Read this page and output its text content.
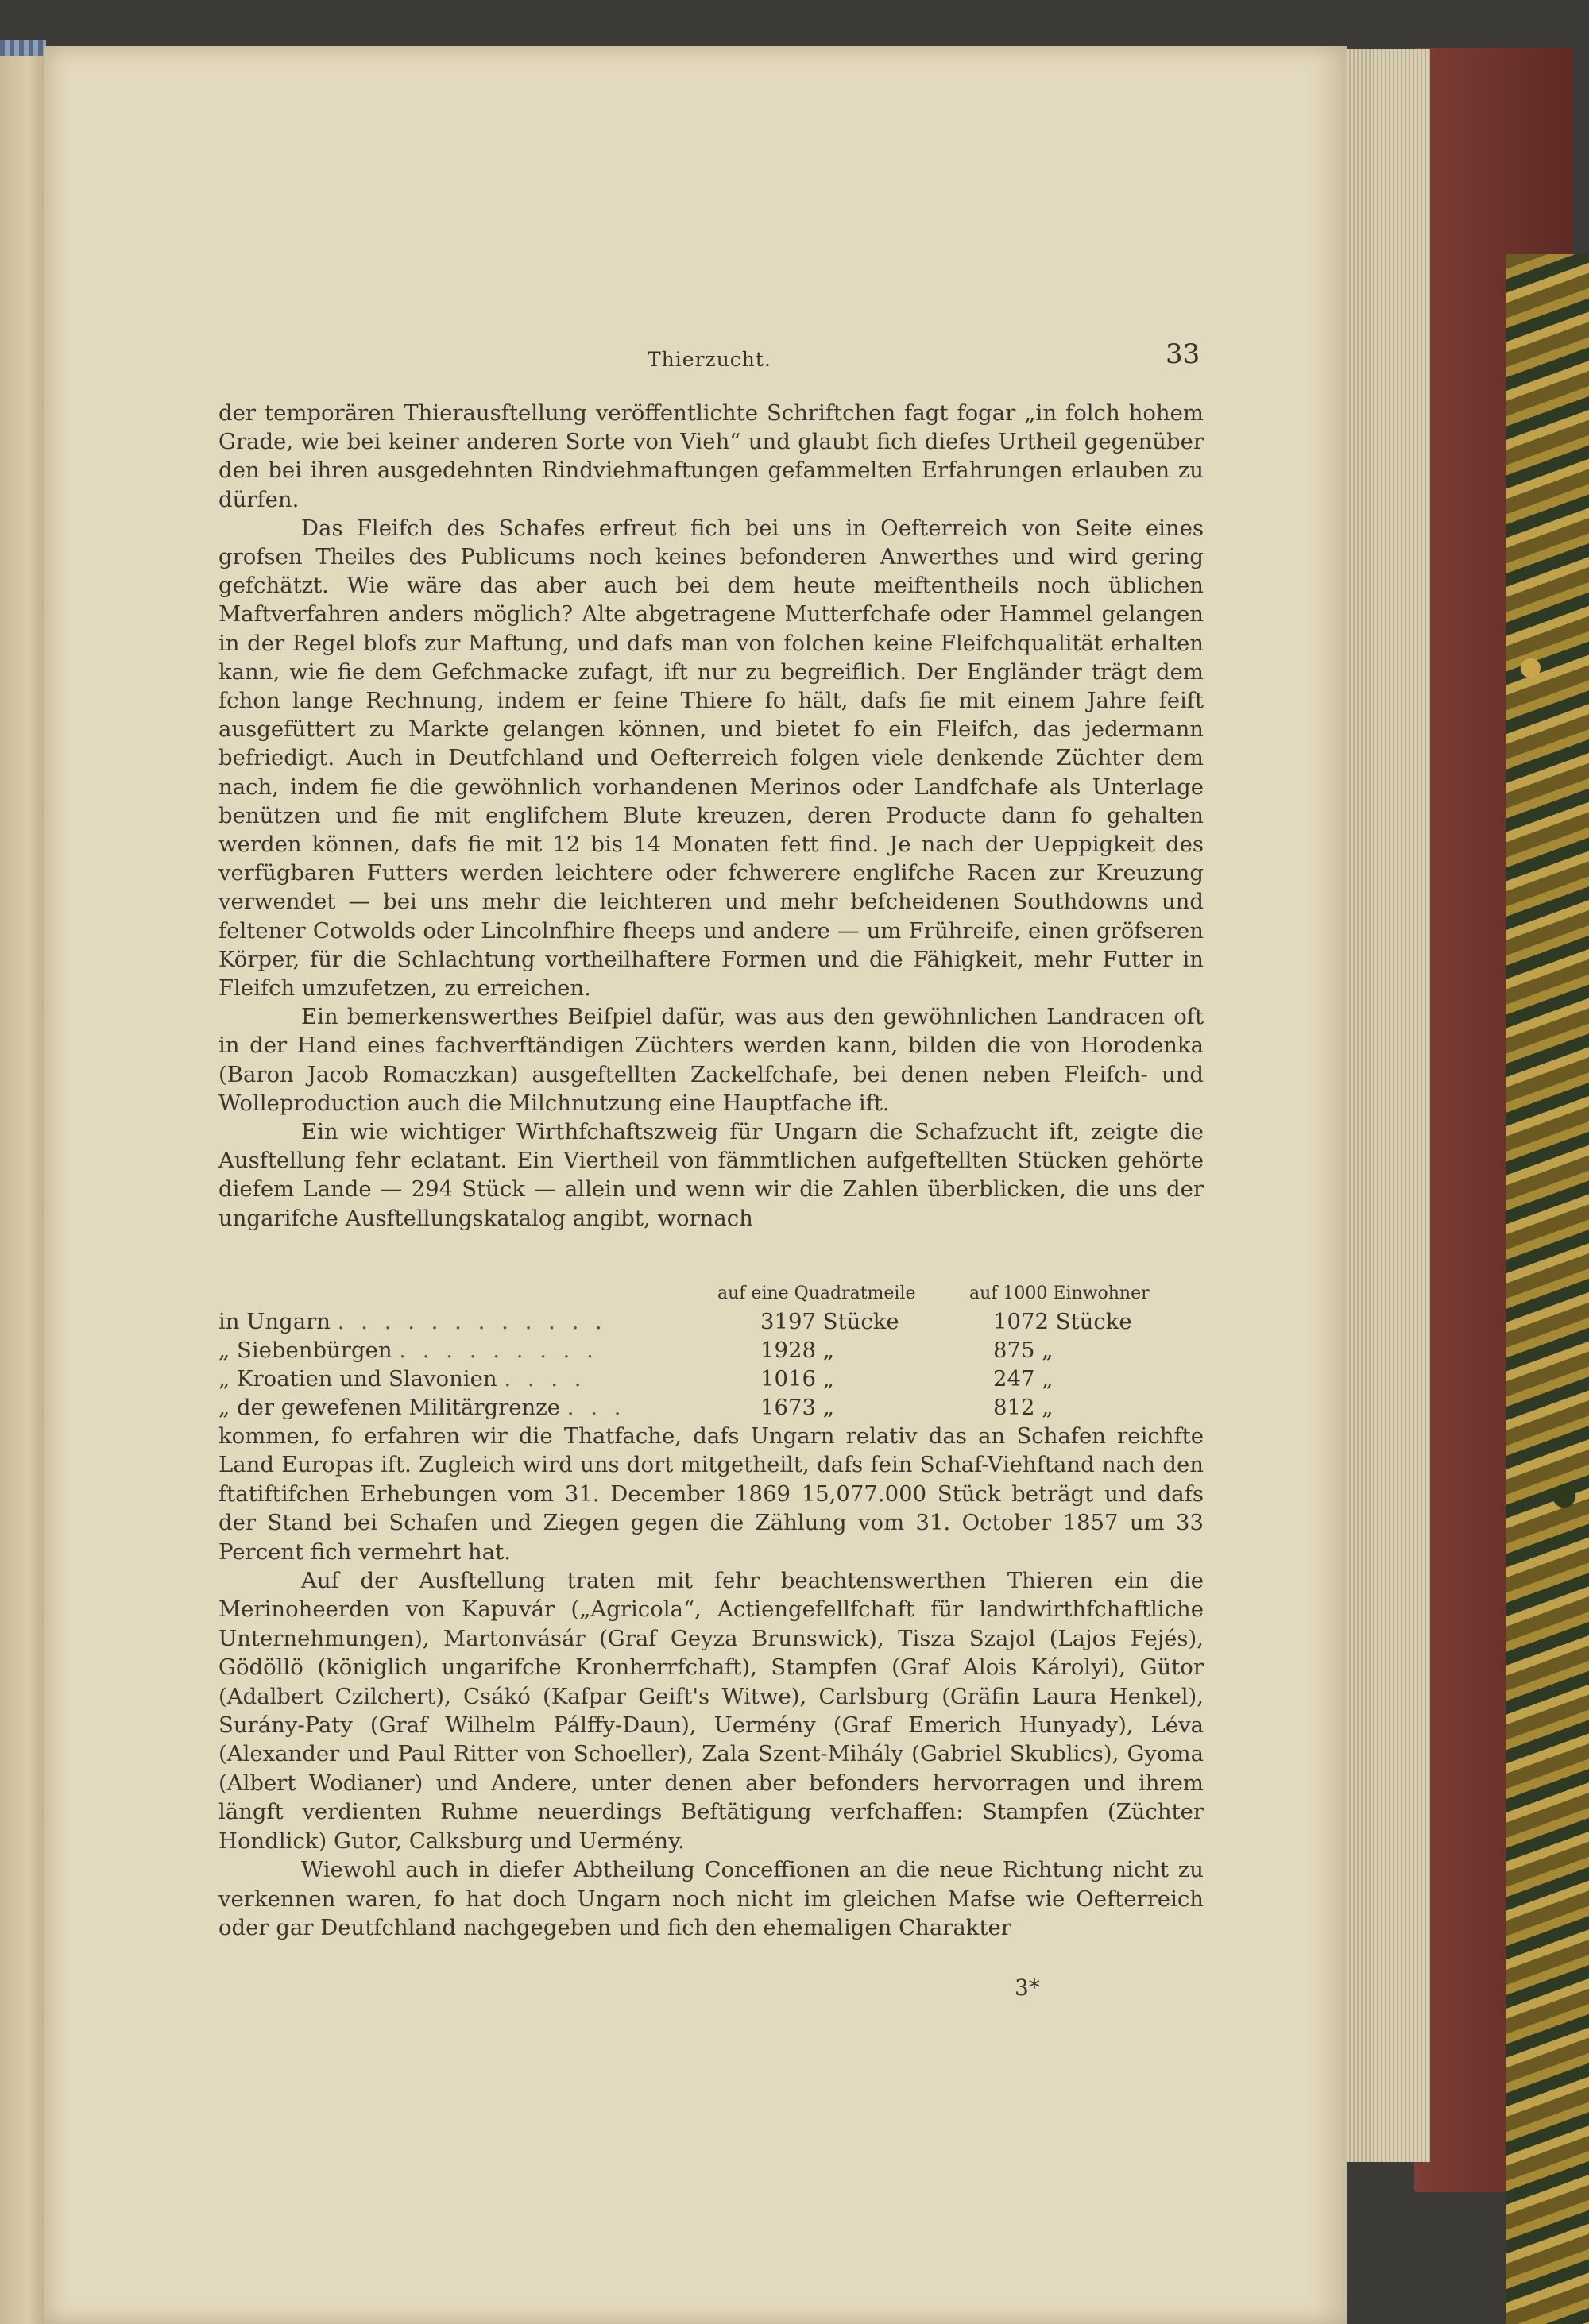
Thierzucht.	33

der temporären Thierausftellung veröffentlichte Schriftchen fagt fogar „in folch hohem Grade, wie bei keiner anderen Sorte von Vieh“ und glaubt fich diefes Urtheil gegenüber den bei ihren ausgedehnten Rindviehmaftungen gefammelten Erfahrungen erlauben zu dürfen.

Das Fleifch des Schafes erfreut fich bei uns in Oefterreich von Seite eines grofsen Theiles des Publicums noch keines befonderen Anwerthes und wird gering gefchätzt. Wie wäre das aber auch bei dem heute meiftentheils noch üblichen Maftverfahren anders möglich? Alte abgetragene Mutterfchafe oder Hammel gelangen in der Regel blofs zur Maftung, und dafs man von folchen keine Fleifchqualität erhalten kann, wie fie dem Gefchmacke zufagt, ift nur zu begreiflich. Der Engländer trägt dem fchon lange Rechnung, indem er feine Thiere fo hält, dafs fie mit einem Jahre feift ausgefüttert zu Markte gelangen können, und bietet fo ein Fleifch, das jedermann befriedigt. Auch in Deutfchland und Oefterreich folgen viele denkende Züchter dem nach, indem fie die gewöhnlich vorhandenen Merinos oder Landfchafe als Unterlage benützen und fie mit englifchem Blute kreuzen, deren Producte dann fo gehalten werden können, dafs fie mit 12 bis 14 Monaten fett find. Je nach der Ueppigkeit des verfügbaren Futters werden leichtere oder fchwerere englifche Racen zur Kreuzung verwendet — bei uns mehr die leichteren und mehr befcheidenen Southdowns und feltener Cotwolds oder Lincolnfhire fheeps und andere — um Frühreife, einen gröfseren Körper, für die Schlachtung vortheilhaftere Formen und die Fähigkeit, mehr Futter in Fleifch umzufetzen, zu erreichen.

Ein bemerkenswerthes Beifpiel dafür, was aus den gewöhnlichen Landracen oft in der Hand eines fachverftändigen Züchters werden kann, bilden die von Horodenka (Baron Jacob Romaczkan) ausgeftellten Zackelfchafe, bei denen neben Fleifch- und Wolleproduction auch die Milchnutzung eine Hauptfache ift.

Ein wie wichtiger Wirthfchaftszweig für Ungarn die Schafzucht ift, zeigte die Ausftellung fehr eclatant. Ein Viertheil von fämmtlichen aufgeftellten Stücken gehörte diefem Lande — 294 Stück — allein und wenn wir die Zahlen überblicken, die uns der ungarifche Ausftellungskatalog angibt, wornach

auf eine Quadratmeile	auf 1000 Einwohner
in Ungarn . . . . . . . . . . . .	3197 Stücke	1072 Stücke
„ Siebenbürgen . . . . . . . . .	1928 „	875 „
„ Kroatien und Slavonien . . . .	1016 „	247 „
„ der gewefenen Militärgrenze . . .	1673 „	812 „

kommen, fo erfahren wir die Thatfache, dafs Ungarn relativ das an Schafen reichfte Land Europas ift. Zugleich wird uns dort mitgetheilt, dafs fein Schaf-Viehftand nach den ftatiftifchen Erhebungen vom 31. December 1869 15,077.000 Stück beträgt und dafs der Stand bei Schafen und Ziegen gegen die Zählung vom 31. October 1857 um 33 Percent fich vermehrt hat.

Auf der Ausftellung traten mit fehr beachtenswerthen Thieren ein die Merinoheerden von Kapuvár („Agricola“, Actiengefellfchaft für landwirthfchaftliche Unternehmungen), Martonvásár (Graf Geyza Brunswick), Tisza Szajol (Lajos Fejés), Gödöllö (königlich ungarifche Kronherrfchaft), Stampfen (Graf Alois Károlyi), Gütor (Adalbert Czilchert), Csákó (Kafpar Geift's Witwe), Carlsburg (Gräfin Laura Henkel), Surány-Paty (Graf Wilhelm Pálffy-Daun), Uermény (Graf Emerich Hunyady), Léva (Alexander und Paul Ritter von Schoeller), Zala Szent-Mihály (Gabriel Skublics), Gyoma (Albert Wodianer) und Andere, unter denen aber befonders hervorragen und ihrem längft verdienten Ruhme neuerdings Beftätigung verfchaffen: Stampfen (Züchter Hondlick) Gutor, Calksburg und Uermény.

Wiewohl auch in diefer Abtheilung Conceffionen an die neue Richtung nicht zu verkennen waren, fo hat doch Ungarn noch nicht im gleichen Mafse wie Oefterreich oder gar Deutfchland nachgegeben und fich den ehemaligen Charakter

3*
